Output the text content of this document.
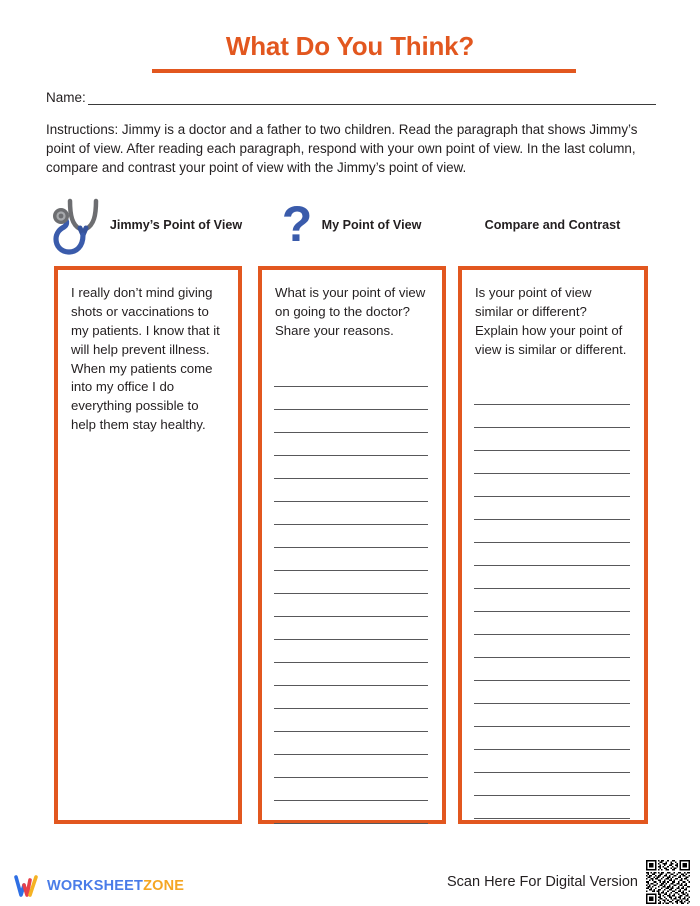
What Do You Think?
Name:
Instructions: Jimmy is a doctor and a father to two children. Read the paragraph that shows Jimmy’s point of view. After reading each paragraph, respond with your own point of view. In the last column, compare and contrast your point of view with the Jimmy’s point of view.
Jimmy’s Point of View ? My Point of View	Compare and Contrast
I really don’t mind giving shots or vaccinations to my patients. I know that it will help prevent illness. When my patients come into my office I do everything possible to help them stay healthy.
What is your point of view on going to the doctor? Share your reasons.
Is your point of view similar or different? Explain how your point of view is similar or different.
WORKSHEETZONE	Scan Here For Digital Version
